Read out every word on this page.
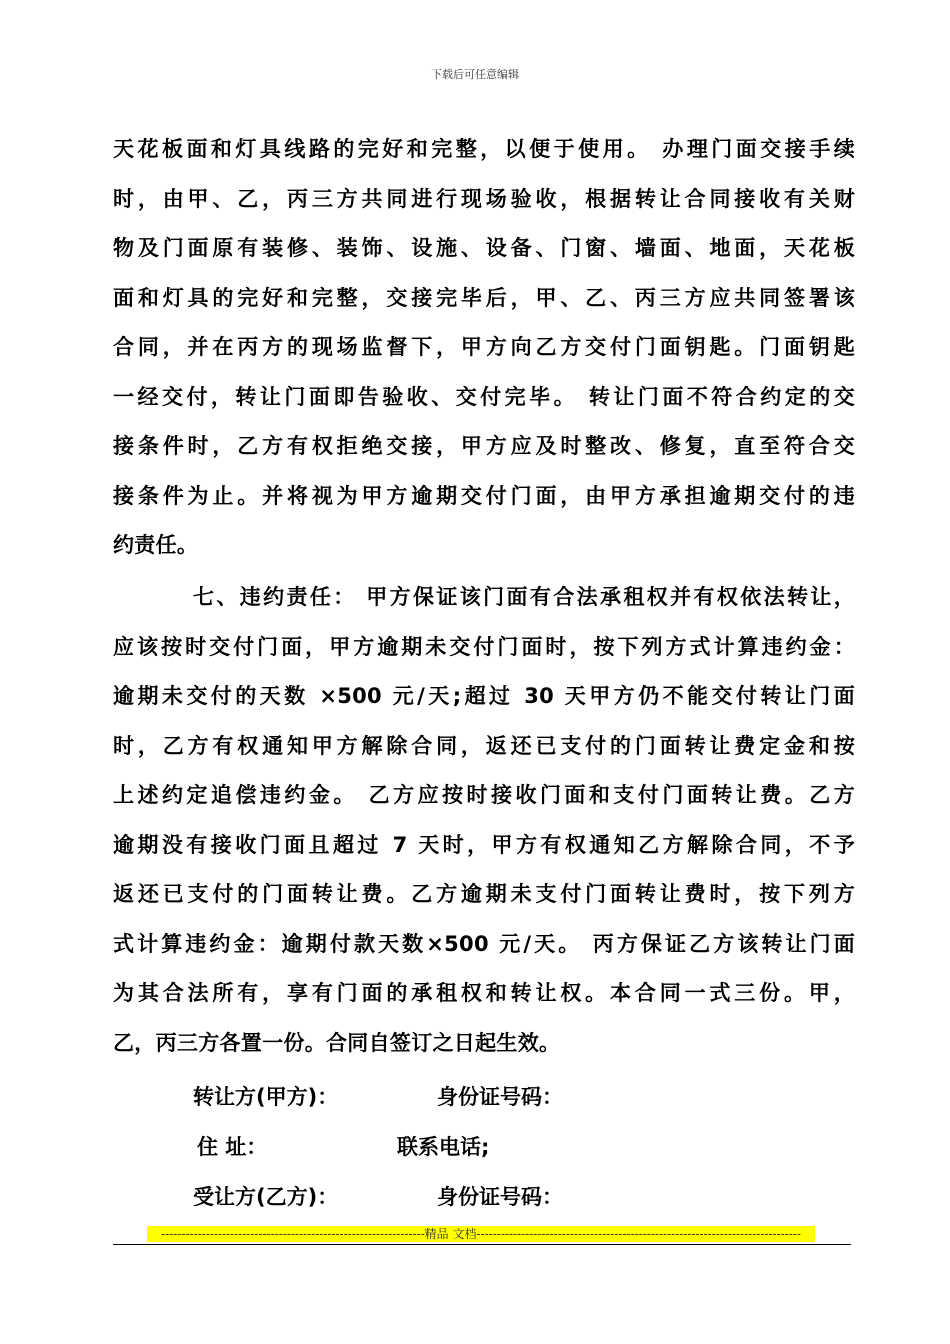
下载后可任意编辑
天花板面和灯具线路的完好和完整，以便于使用。 办理门面交接手续
时，由甲、乙，丙三方共同进行现场验收，根据转让合同接收有关财
物及门面原有装修、装饰、设施、设备、门窗、墙面、地面，天花板
面和灯具的完好和完整，交接完毕后，甲、乙、丙三方应共同签署该
合同，并在丙方的现场监督下，甲方向乙方交付门面钥匙。门面钥匙
一经交付，转让门面即告验收、交付完毕。 转让门面不符合约定的交
接条件时，乙方有权拒绝交接，甲方应及时整改、修复，直至符合交
接条件为止。并将视为甲方逾期交付门面，由甲方承担逾期交付的违
约责任。
七、违约责任： 甲方保证该门面有合法承租权并有权依法转让，
应该按时交付门面，甲方逾期未交付门面时，按下列方式计算违约金：
逾期未交付的天数 ×500 元/天;超过 30 天甲方仍不能交付转让门面
时，乙方有权通知甲方解除合同，返还已支付的门面转让费定金和按
上述约定追偿违约金。 乙方应按时接收门面和支付门面转让费。乙方
逾期没有接收门面且超过 7 天时，甲方有权通知乙方解除合同，不予
返还已支付的门面转让费。乙方逾期未支付门面转让费时，按下列方
式计算违约金：逾期付款天数×500 元/天。 丙方保证乙方该转让门面
为其合法所有，享有门面的承租权和转让权。本合同一式三份。甲，
乙，丙三方各置一份。合同自签订之日起生效。
转让方(甲方)：	身份证号码：
住 址：	联系电话;
受让方(乙方)：	身份证号码：
-----------------------------------------------------------------精品 文档--------------------------------------------------------------------------------
